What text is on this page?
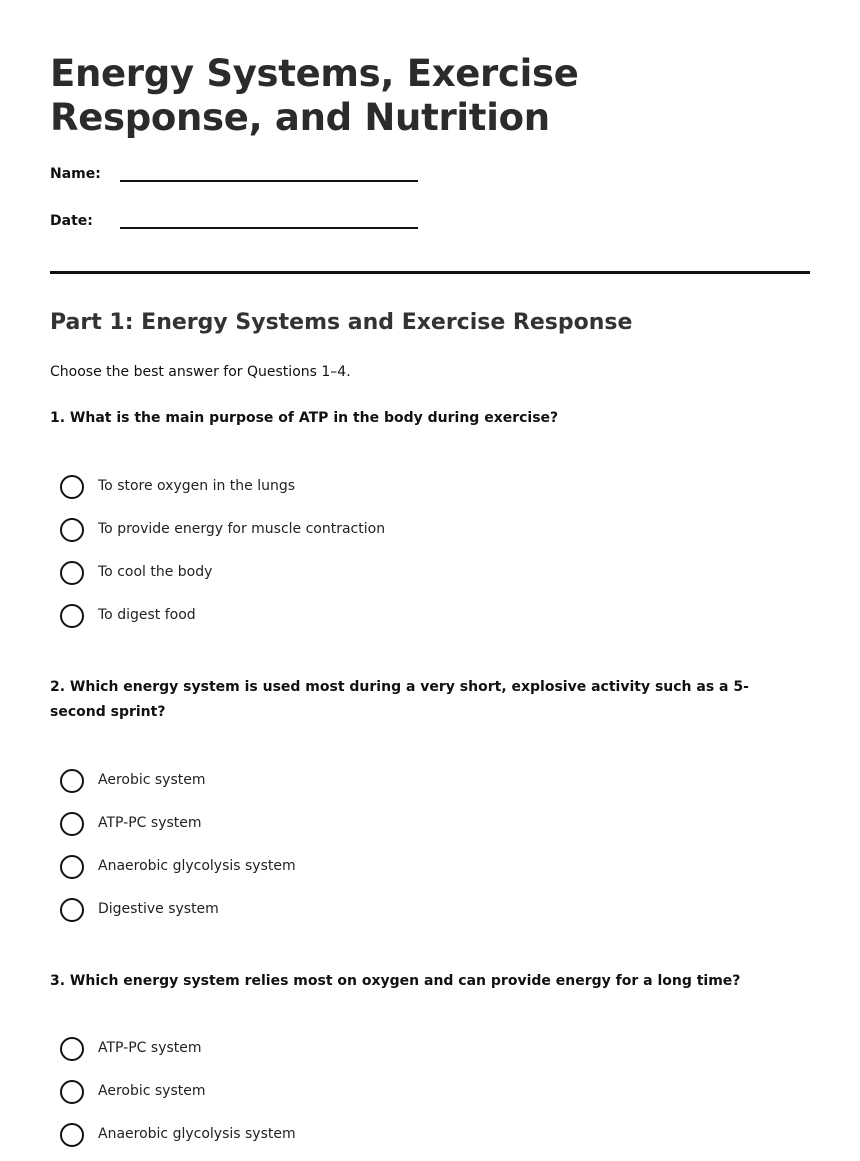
Energy Systems, Exercise Response, and Nutrition
Name:
Date:
Part 1: Energy Systems and Exercise Response
Choose the best answer for Questions 1–4.
1. What is the main purpose of ATP in the body during exercise?
To store oxygen in the lungs
To provide energy for muscle contraction
To cool the body
To digest food
2. Which energy system is used most during a very short, explosive activity such as a 5-second sprint?
Aerobic system
ATP-PC system
Anaerobic glycolysis system
Digestive system
3. Which energy system relies most on oxygen and can provide energy for a long time?
ATP-PC system
Aerobic system
Anaerobic glycolysis system
